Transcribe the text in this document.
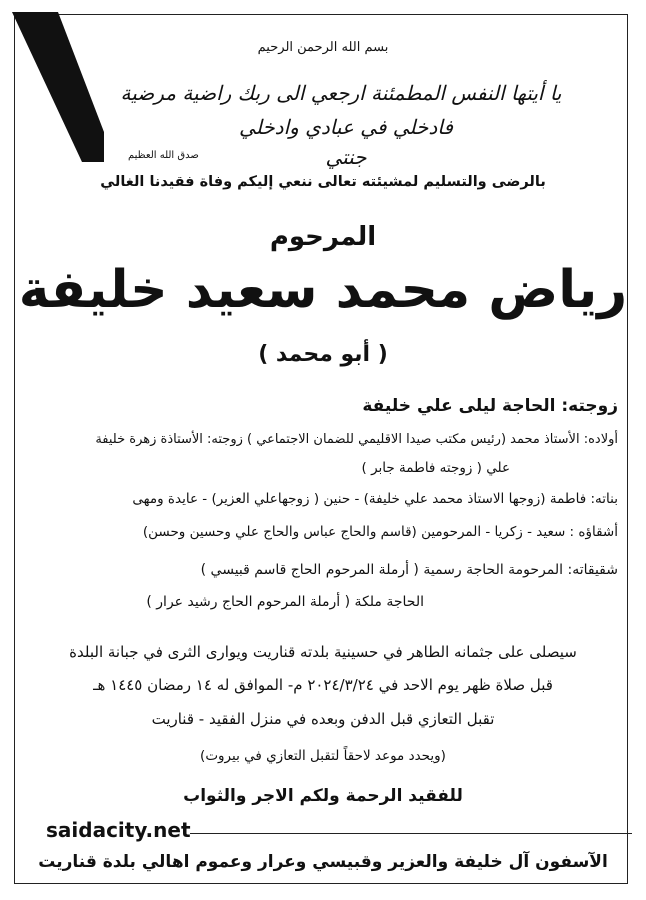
بسم الله الرحمن الرحيم
يا أيتها النفس المطمئنة ارجعي الى ربك راضية مرضية
فادخلي في عبادي وادخلي جنتي
صدق الله العظيم
بالرضى والتسليم لمشيئته تعالى ننعي إليكم وفاة فقيدنا الغالي
المرحوم
رياض محمد سعيد خليفة
( أبو محمد )
زوجته: الحاجة ليلى علي خليفة
أولاده: الأستاذ محمد (رئيس مكتب صيدا الاقليمي للضمان الاجتماعي ) زوجته: الأستاذة زهرة خليفة
علي ( زوجته فاطمة جابر )
بناته: فاطمة (زوجها الاستاذ محمد علي خليفة) - حنين ( زوجهاعلي العزير) - عايدة ومهى
أشقاؤه : سعيد - زكريا - المرحومين (قاسم والحاج عباس والحاج علي وحسين وحسن)
شقيقاته: المرحومة الحاجة رسمية ( أرملة المرحوم الحاج قاسم قبيسي )
الحاجة ملكة ( أرملة المرحوم الحاج رشيد عرار )
سيصلى على جثمانه الطاهر في حسينية بلدته قناريت ويوارى الثرى في جبانة البلدة
قبل صلاة ظهر يوم الاحد في ٢٠٢٤/٣/٢٤ م- الموافق له ١٤ رمضان ١٤٤٥ هـ
تقبل التعازي قبل الدفن وبعده في منزل الفقيد - قناريت
(ويحدد موعد لاحقاً لتقبل التعازي في بيروت)
للفقيد الرحمة ولكم الاجر والثواب
saidacity.net
الآسفون آل خليفة والعزير وقبيسي وعرار وعموم اهالي بلدة قناريت
